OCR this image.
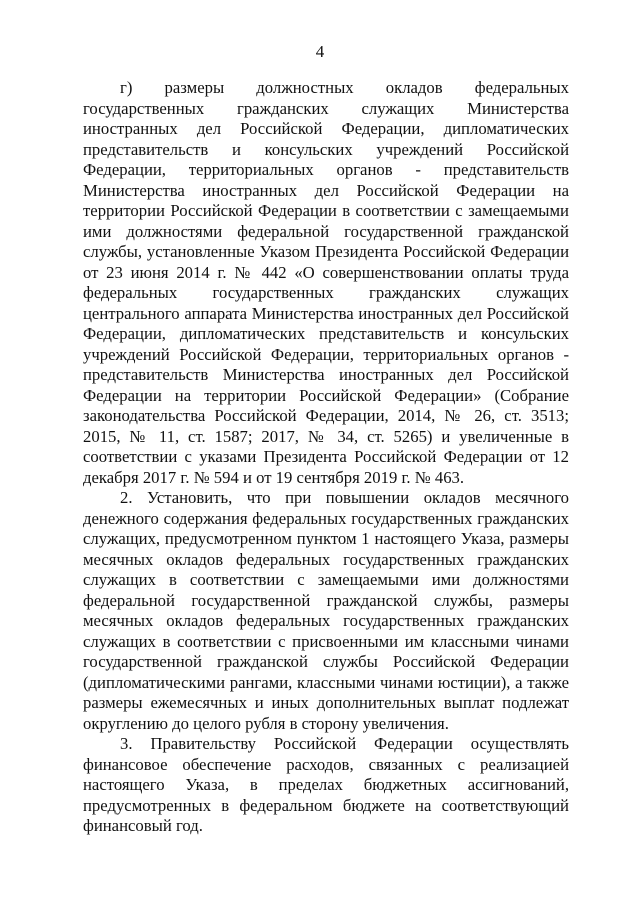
4

г) размеры должностных окладов федеральных государственных гражданских служащих Министерства иностранных дел Российской Федерации, дипломатических представительств и консульских учреждений Российской Федерации, территориальных органов - представительств Министерства иностранных дел Российской Федерации на территории Российской Федерации в соответствии с замещаемыми ими должностями федеральной государственной гражданской службы, установленные Указом Президента Российской Федерации от 23 июня 2014 г. № 442 «О совершенствовании оплаты труда федеральных государственных гражданских служащих центрального аппарата Министерства иностранных дел Российской Федерации, дипломатических представительств и консульских учреждений Российской Федерации, территориальных органов - представительств Министерства иностранных дел Российской Федерации на территории Российской Федерации» (Собрание законодательства Российской Федерации, 2014, № 26, ст. 3513; 2015, № 11, ст. 1587; 2017, № 34, ст. 5265) и увеличенные в соответствии с указами Президента Российской Федерации от 12 декабря 2017 г. № 594 и от 19 сентября 2019 г. № 463.

2. Установить, что при повышении окладов месячного денежного содержания федеральных государственных гражданских служащих, предусмотренном пунктом 1 настоящего Указа, размеры месячных окладов федеральных государственных гражданских служащих в соответствии с замещаемыми ими должностями федеральной государственной гражданской службы, размеры месячных окладов федеральных государственных гражданских служащих в соответствии с присвоенными им классными чинами государственной гражданской службы Российской Федерации (дипломатическими рангами, классными чинами юстиции), а также размеры ежемесячных и иных дополнительных выплат подлежат округлению до целого рубля в сторону увеличения.

3. Правительству Российской Федерации осуществлять финансовое обеспечение расходов, связанных с реализацией настоящего Указа, в пределах бюджетных ассигнований, предусмотренных в федеральном бюджете на соответствующий финансовый год.
